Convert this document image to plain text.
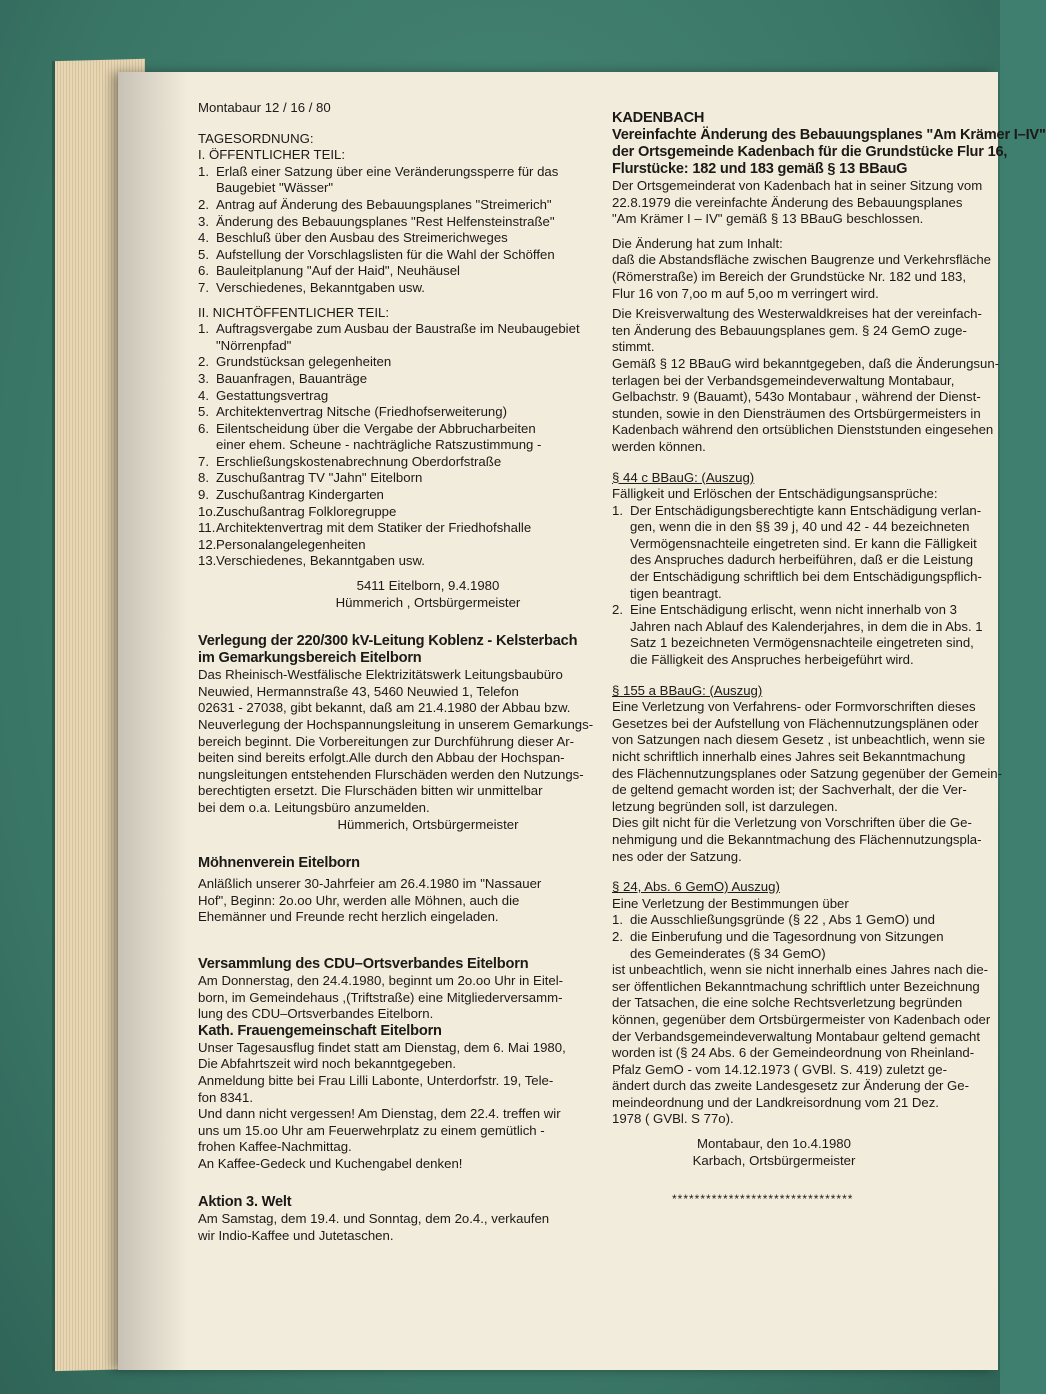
Montabaur 12 / 16 / 80
TAGESORDNUNG:
I. ÖFFENTLICHER TEIL:
1. Erlaß einer Satzung über eine Veränderungssperre für das
Baugebiet "Wässer"
2. Antrag auf Änderung des Bebauungsplanes "Streimerich"
3. Änderung des Bebauungsplanes "Rest Helfensteinstraße"
4. Beschluß über den Ausbau des Streimerichweges
5. Aufstellung der Vorschlagslisten für die Wahl der Schöffen
6. Bauleitplanung "Auf der Haid", Neuhäusel
7. Verschiedenes, Bekanntgaben usw.
II. NICHTÖFFENTLICHER TEIL:
1. Auftragsvergabe zum Ausbau der Baustraße im Neubaugebiet
"Nörrenpfad"
2. Grundstücksan gelegenheiten
3. Bauanfragen, Bauanträge
4. Gestattungsvertrag
5. Architektenvertrag Nitsche (Friedhofserweiterung)
6. Eilentscheidung über die Vergabe der Abbrucharbeiten
einer ehem. Scheune - nachträgliche Ratszustimmung -
7. Erschließungskostenabrechnung Oberdorfstraße
8. Zuschußantrag TV "Jahn" Eitelborn
9. Zuschußantrag Kindergarten
1o.Zuschußantrag Folkloregruppe
11.Architektenvertrag mit dem Statiker der Friedhofshalle
12.Personalangelegenheiten
13.Verschiedenes, Bekanntgaben usw.
5411 Eitelborn, 9.4.1980
Hümmerich , Ortsbürgermeister
Verlegung der 220/300 kV-Leitung Koblenz - Kelsterbach
im Gemarkungsbereich Eitelborn
Das Rheinisch-Westfälische Elektrizitätswerk Leitungsbaubüro
Neuwied, Hermannstraße 43, 5460 Neuwied 1, Telefon
02631 - 27038, gibt bekannt, daß am 21.4.1980 der Abbau bzw.
Neuverlegung der Hochspannungsleitung in unserem Gemarkungs-
bereich beginnt. Die Vorbereitungen zur Durchführung dieser Ar-
beiten sind bereits erfolgt.Alle durch den Abbau der Hochspan-
nungsleitungen entstehenden Flurschäden werden den Nutzungs-
berechtigten ersetzt. Die Flurschäden bitten wir unmittelbar
bei dem o.a. Leitungsbüro anzumelden.
Hümmerich, Ortsbürgermeister
Möhnenverein Eitelborn
Anläßlich unserer 30-Jahrfeier am 26.4.1980 im "Nassauer
Hof", Beginn: 2o.oo Uhr, werden alle Möhnen, auch die
Ehemänner und Freunde recht herzlich eingeladen.
Versammlung des CDU–Ortsverbandes Eitelborn
Am Donnerstag, den 24.4.1980, beginnt um 2o.oo Uhr in Eitel-
born, im Gemeindehaus ,(Triftstraße) eine Mitgliederversamm-
lung des CDU–Ortsverbandes Eitelborn.
Kath. Frauengemeinschaft Eitelborn
Unser Tagesausflug findet statt am Dienstag, dem 6. Mai 1980,
Die Abfahrtszeit wird noch bekanntgegeben.
Anmeldung bitte bei Frau Lilli Labonte, Unterdorfstr. 19, Tele-
fon 8341.
Und dann nicht vergessen! Am Dienstag, dem 22.4. treffen wir
uns um 15.oo Uhr am Feuerwehrplatz zu einem gemütlich -
frohen Kaffee-Nachmittag.
An Kaffee-Gedeck und Kuchengabel denken!
Aktion 3. Welt
Am Samstag, dem 19.4. und Sonntag, dem 2o.4., verkaufen
wir Indio-Kaffee und Jutetaschen.
KADENBACH
Vereinfachte Änderung des Bebauungsplanes "Am Krämer I–IV"
der Ortsgemeinde Kadenbach für die Grundstücke Flur 16,
Flurstücke: 182 und 183 gemäß § 13 BBauG
Der Ortsgemeinderat von Kadenbach hat in seiner Sitzung vom
22.8.1979 die vereinfachte Änderung des Bebauungsplanes
"Am Krämer I – IV" gemäß § 13 BBauG beschlossen.
Die Änderung hat zum Inhalt:
daß die Abstandsfläche zwischen Baugrenze und Verkehrsfläche
(Römerstraße) im Bereich der Grundstücke Nr. 182 und 183,
Flur 16 von 7,oo m auf 5,oo m verringert wird.
Die Kreisverwaltung des Westerwaldkreises hat der vereinfach-
ten Änderung des Bebauungsplanes gem. § 24 GemO zuge-
stimmt.
Gemäß § 12 BBauG wird bekanntgegeben, daß die Änderungsun-
terlagen bei der Verbandsgemeindeverwaltung Montabaur,
Gelbachstr. 9 (Bauamt), 543o Montabaur , während der Dienst-
stunden, sowie in den Diensträumen des Ortsbürgermeisters in
Kadenbach während den ortsüblichen Dienststunden eingesehen
werden können.
§ 44 c BBauG: (Auszug)
Fälligkeit und Erlöschen der Entschädigungsansprüche:
1. Der Entschädigungsberechtigte kann Entschädigung verlan-
gen, wenn die in den §§ 39 j, 40 und 42 - 44 bezeichneten
Vermögensnachteile eingetreten sind. Er kann die Fälligkeit
des Anspruches dadurch herbeiführen, daß er die Leistung
der Entschädigung schriftlich bei dem Entschädigungspflich-
tigen beantragt.
2. Eine Entschädigung erlischt, wenn nicht innerhalb von 3
Jahren nach Ablauf des Kalenderjahres, in dem die in Abs. 1
Satz 1 bezeichneten Vermögensnachteile eingetreten sind,
die Fälligkeit des Anspruches herbeigeführt wird.
§ 155 a BBauG: (Auszug)
Eine Verletzung von Verfahrens- oder Formvorschriften dieses
Gesetzes bei der Aufstellung von Flächennutzungsplänen oder
von Satzungen nach diesem Gesetz , ist unbeachtlich, wenn sie
nicht schriftlich innerhalb eines Jahres seit Bekanntmachung
des Flächennutzungsplanes oder Satzung gegenüber der Gemein-
de geltend gemacht worden ist; der Sachverhalt, der die Ver-
letzung begründen soll, ist darzulegen.
Dies gilt nicht für die Verletzung von Vorschriften über die Ge-
nehmigung und die Bekanntmachung des Flächennutzungspla-
nes oder der Satzung.
§ 24, Abs. 6 GemO) Auszug)
Eine Verletzung der Bestimmungen über
1. die Ausschließungsgründe (§ 22 , Abs 1 GemO) und
2. die Einberufung und die Tagesordnung von Sitzungen
des Gemeinderates (§ 34 GemO)
ist unbeachtlich, wenn sie nicht innerhalb eines Jahres nach die-
ser öffentlichen Bekanntmachung schriftlich unter Bezeichnung
der Tatsachen, die eine solche Rechtsverletzung begründen
können, gegenüber dem Ortsbürgermeister von Kadenbach oder
der Verbandsgemeindeverwaltung Montabaur geltend gemacht
worden ist (§ 24 Abs. 6 der Gemeindeordnung von Rheinland-
Pfalz GemO - vom 14.12.1973 ( GVBl. S. 419) zuletzt ge-
ändert durch das zweite Landesgesetz zur Änderung der Ge-
meindeordnung und der Landkreisordnung vom 21 Dez.
1978 ( GVBl. S 77o).
Montabaur, den 1o.4.1980
Karbach, Ortsbürgermeister
********************************
